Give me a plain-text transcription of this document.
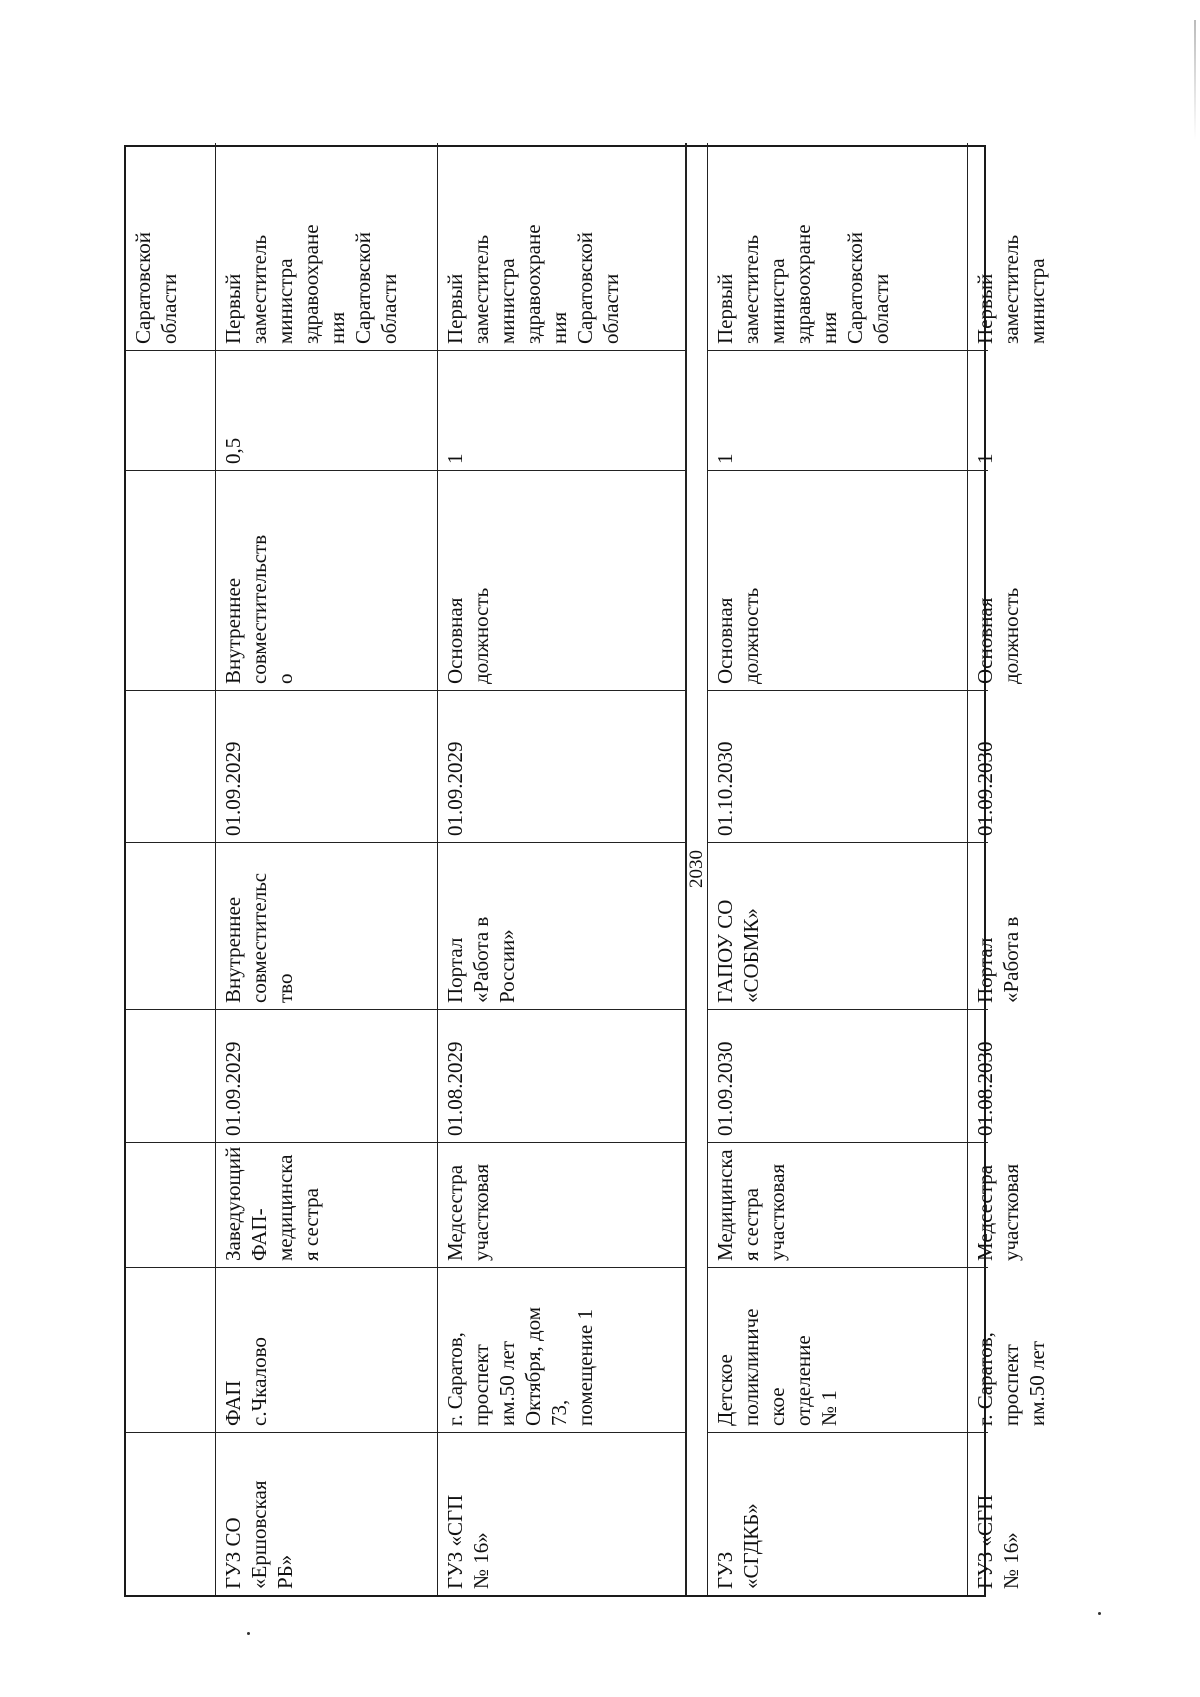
Саратовской
области
ГУЗ СО
«Ершовская
РБ»
ФАП
с.Чкалово
Заведующий
ФАП-
медицинска
я сестра
01.09.2029
Внутреннее
совместительс
тво
01.09.2029
Внутреннее
совместительств
о
0,5
Первый
заместитель
министра
здравоохране
ния
Саратовской
области
ГУЗ «СГП
№ 16»
г. Саратов,
проспект
им.50 лет
Октября, дом
73,
помещение 1
Медсестра
участковая
01.08.2029
Портал
«Работа в
России»
01.09.2029
Основная
должность
1
Первый
заместитель
министра
здравоохране
ния
Саратовской
области
2030
ГУЗ
«СГДКБ»
Детское
поликлиниче
ское
отделение
№ 1
Медицинска
я сестра
участковая
01.09.2030
ГАПОУ СО
«СОБМК»
01.10.2030
Основная
должность
1
Первый
заместитель
министра
здравоохране
ния
Саратовской
области
ГУЗ «СГП
№ 16»
г. Саратов,
проспект
им.50 лет
Медсестра
участковая
01.08.2030
Портал
«Работа в
01.09.2030
Основная
должность
1
Первый
заместитель
министра
